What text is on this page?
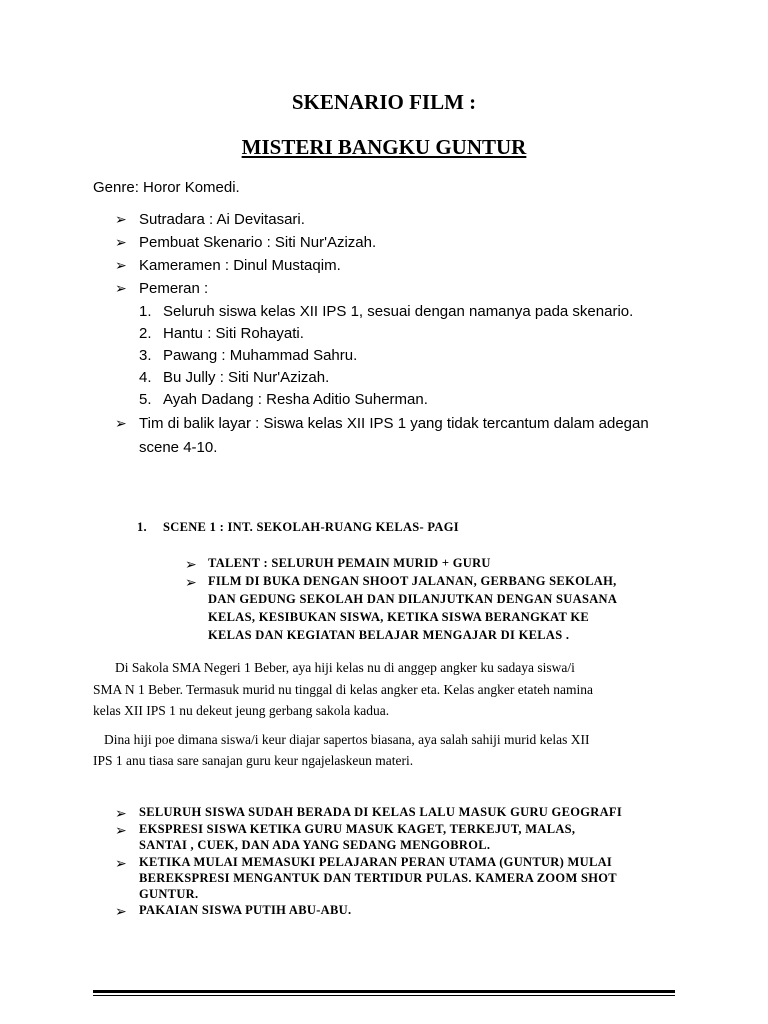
SKENARIO FILM :
MISTERI BANGKU GUNTUR
Genre: Horor Komedi.
➢ Sutradara : Ai Devitasari.
➢ Pembuat Skenario : Siti Nur'Azizah.
➢ Kameramen : Dinul Mustaqim.
➢ Pemeran :
1. Seluruh siswa kelas XII IPS 1, sesuai dengan namanya pada skenario.
2. Hantu : Siti Rohayati.
3. Pawang : Muhammad Sahru.
4. Bu Jully : Siti Nur'Azizah.
5. Ayah Dadang : Resha Aditio Suherman.
➢ Tim di balik layar : Siswa kelas XII IPS 1 yang tidak tercantum dalam adegan
scene 4-10.
1. SCENE 1 : INT. SEKOLAH-RUANG KELAS- PAGI
➢ TALENT : SELURUH PEMAIN MURID + GURU
➢ FILM DI BUKA DENGAN SHOOT JALANAN, GERBANG SEKOLAH,
DAN GEDUNG SEKOLAH DAN DILANJUTKAN DENGAN SUASANA
KELAS, KESIBUKAN SISWA, KETIKA SISWA BERANGKAT KE
KELAS DAN KEGIATAN BELAJAR MENGAJAR DI KELAS .
Di Sakola SMA Negeri 1 Beber, aya hiji kelas nu di anggep angker ku sadaya siswa/i
SMA N 1 Beber. Termasuk murid nu tinggal di kelas angker eta. Kelas angker etateh namina
kelas XII IPS 1 nu dekeut jeung gerbang sakola kadua.
Dina hiji poe dimana siswa/i keur diajar sapertos biasana, aya salah sahiji murid kelas XII
IPS 1 anu tiasa sare sanajan guru keur ngajelaskeun materi.
➢ SELURUH SISWA SUDAH BERADA DI KELAS LALU MASUK GURU GEOGRAFI
➢ EKSPRESI SISWA KETIKA GURU MASUK KAGET, TERKEJUT, MALAS,
SANTAI , CUEK, DAN ADA YANG SEDANG MENGOBROL.
➢ KETIKA MULAI MEMASUKI PELAJARAN PERAN UTAMA (GUNTUR) MULAI
BEREKSPRESI MENGANTUK DAN TERTIDUR PULAS. KAMERA ZOOM SHOT
GUNTUR.
➢ PAKAIAN SISWA PUTIH ABU-ABU.
